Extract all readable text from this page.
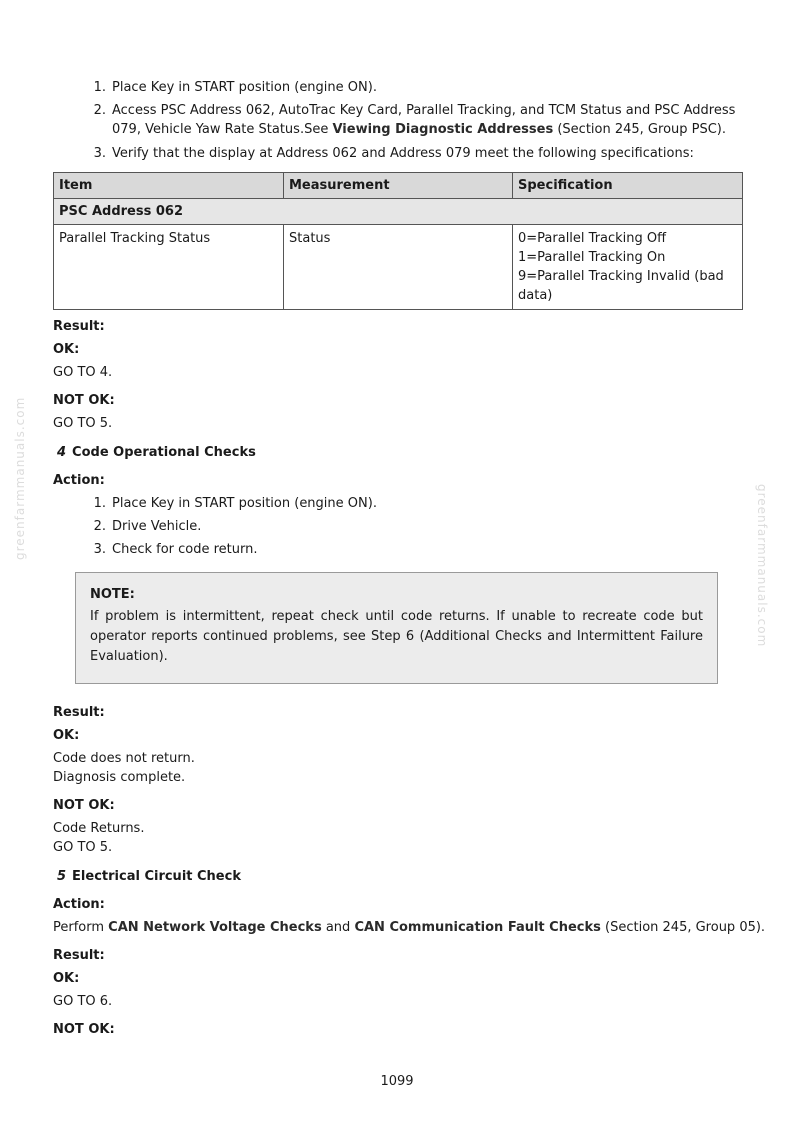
greenfarmmanuals.com
greenfarmmanuals.com
1. Place Key in START position (engine ON).
2. Access PSC Address 062, AutoTrac Key Card, Parallel Tracking, and TCM Status and PSC Address
079, Vehicle Yaw Rate Status.See Viewing Diagnostic Addresses (Section 245, Group PSC).
3. Verify that the display at Address 062 and Address 079 meet the following specifications:
Item	Measurement	Specification
PSC Address 062		
Parallel Tracking Status	Status	0=Parallel Tracking Off
1=Parallel Tracking On
9=Parallel Tracking Invalid (bad
data)
Result:
OK:
GO TO 4.
NOT OK:
GO TO 5.
4 Code Operational Checks
Action:
1. Place Key in START position (engine ON).
2. Drive Vehicle.
3. Check for code return.
NOTE:
If problem is intermittent, repeat check until code returns. If unable to recreate code but operator reports continued problems, see Step 6 (Additional Checks and Intermittent Failure Evaluation).
Result:
OK:
Code does not return.
Diagnosis complete.
NOT OK:
Code Returns.
GO TO 5.
5 Electrical Circuit Check
Action:
Perform CAN Network Voltage Checks and CAN Communication Fault Checks (Section 245, Group 05).
Result:
OK:
GO TO 6.
NOT OK:
1099
